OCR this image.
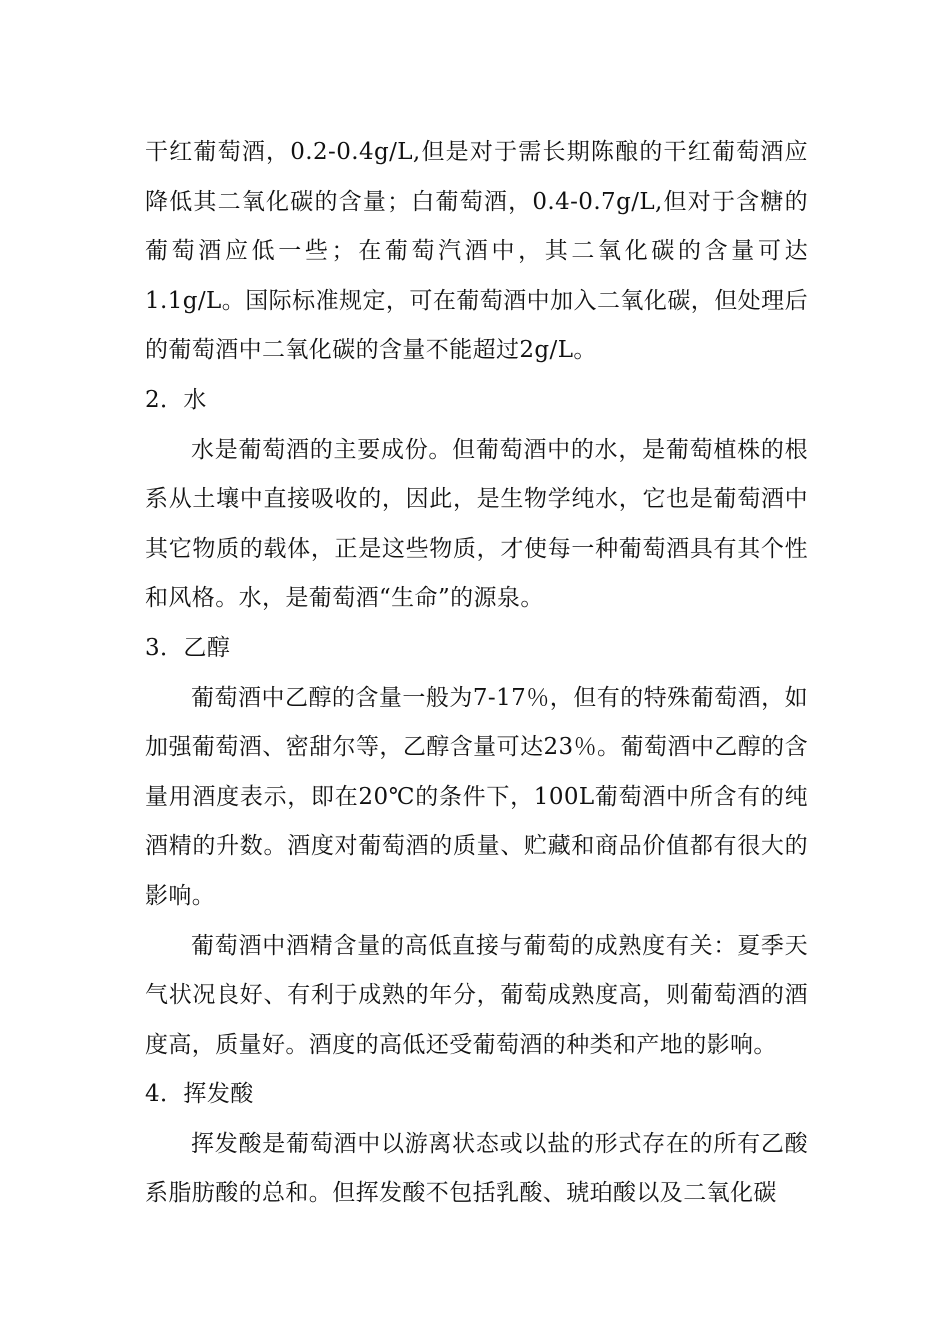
干红葡萄酒，0.2-0.4g/L,但是对于需长期陈酿的干红葡萄酒应降低其二氧化碳的含量；白葡萄酒，0.4-0.7g/L,但对于含糖的葡萄酒应低一些；在葡萄汽酒中，其二氧化碳的含量可达1.1g/L。国际标准规定，可在葡萄酒中加入二氧化碳，但处理后的葡萄酒中二氧化碳的含量不能超过2g/L。

2．水

水是葡萄酒的主要成份。但葡萄酒中的水，是葡萄植株的根系从土壤中直接吸收的，因此，是生物学纯水，它也是葡萄酒中其它物质的载体，正是这些物质，才使每一种葡萄酒具有其个性和风格。水，是葡萄酒“生命”的源泉。

3．乙醇

葡萄酒中乙醇的含量一般为7-17％，但有的特殊葡萄酒，如加强葡萄酒、密甜尔等，乙醇含量可达23％。葡萄酒中乙醇的含量用酒度表示，即在20℃的条件下，100L葡萄酒中所含有的纯酒精的升数。酒度对葡萄酒的质量、贮藏和商品价值都有很大的影响。

葡萄酒中酒精含量的高低直接与葡萄的成熟度有关：夏季天气状况良好、有利于成熟的年分，葡萄成熟度高，则葡萄酒的酒度高，质量好。酒度的高低还受葡萄酒的种类和产地的影响。

4．挥发酸

挥发酸是葡萄酒中以游离状态或以盐的形式存在的所有乙酸系脂肪酸的总和。但挥发酸不包括乳酸、琥珀酸以及二氧化碳
